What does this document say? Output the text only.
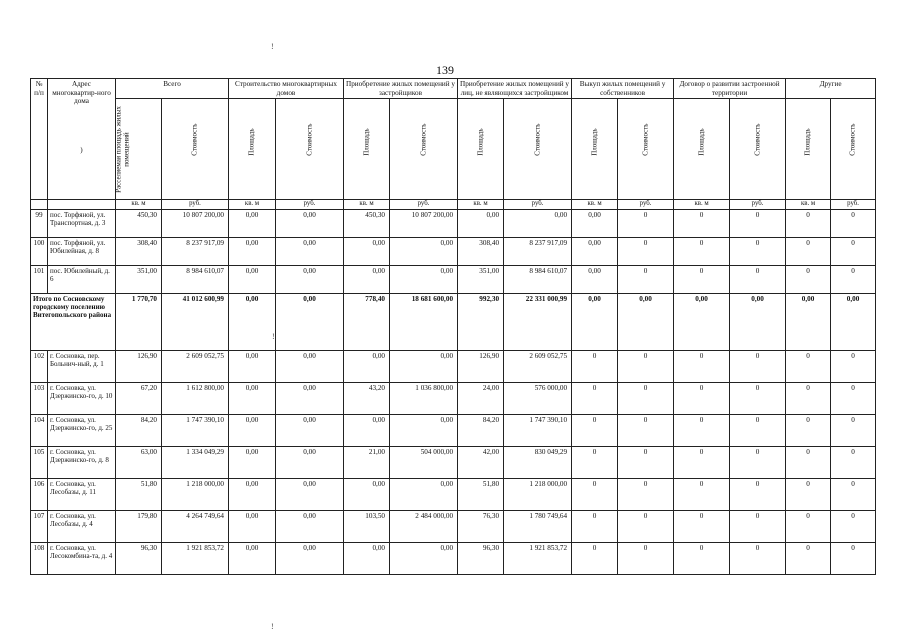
139
!
!
!
№ п/п	Адрес многоквартир-ного дома
)	Всего		Строительство многоквартирных домов		Приобретение жилых помещений у застройщиков		Приобретение жилых помещений у лиц, не являющихся застройщиком		Выкуп жилых помещений у собственников		Договор о развитии застроенной территории		Другие	

		Расселяемая площадь жилых помещений	Стоимость	Площадь	Стоимость	Площадь	Стоимость	Площадь	Стоимость	Площадь	Стоимость	Площадь	Стоимость	Площадь	Стоимость

		кв. м	руб.	кв. м	руб.	кв. м	руб.	кв. м	руб.	кв. м	руб.	кв. м	руб.	кв. м	руб.
99	пос. Торфяной, ул. Транспортная, д. 3	450,30	10 807 200,00	0,00	0,00	450,30	10 807 200,00	0,00	0,00	0,00	0	0	0	0	0
100	пос. Торфяной, ул. Юбилейная, д. 8	308,40	8 237 917,09	0,00	0,00	0,00	0,00	308,40	8 237 917,09	0,00	0	0	0	0	0
101	пос. Юбилейный, д. 6	351,00	8 984 610,07	0,00	0,00	0,00	0,00	351,00	8 984 610,07	0,00	0	0	0	0	0
Итого по Сосновскому городскому поселению Витегопольского района		1 770,70	41 012 600,99	0,00	0,00	778,40	18 681 600,00	992,30	22 331 000,99	0,00	0,00	0,00	0,00	0,00	0,00
102	г. Сосновка, пер. Больнич-ный, д. 1	126,90	2 609 052,75	0,00	0,00	0,00	0,00	126,90	2 609 052,75	0	0	0	0	0	0
103	г. Сосновка, ул. Дзержинско-го, д. 10	67,20	1 612 800,00	0,00	0,00	43,20	1 036 800,00	24,00	576 000,00	0	0	0	0	0	0
104	г. Сосновка, ул. Дзержинско-го, д. 25	84,20	1 747 390,10	0,00	0,00	0,00	0,00	84,20	1 747 390,10	0	0	0	0	0	0
105	г. Сосновка, ул. Дзержинско-го, д. 8	63,00	1 334 049,29	0,00	0,00	21,00	504 000,00	42,00	830 049,29	0	0	0	0	0	0
106	г. Сосновка, ул. Лесобазы, д. 11	51,80	1 218 000,00	0,00	0,00	0,00	0,00	51,80	1 218 000,00	0	0	0	0	0	0
107	г. Сосновка, ул. Лесобазы, д. 4	179,80	4 264 749,64	0,00	0,00	103,50	2 484 000,00	76,30	1 780 749,64	0	0	0	0	0	0
108	г. Сосновка, ул. Лесокомбина-та, д. 4	96,30	1 921 853,72	0,00	0,00	0,00	0,00	96,30	1 921 853,72	0	0	0	0	0	0
